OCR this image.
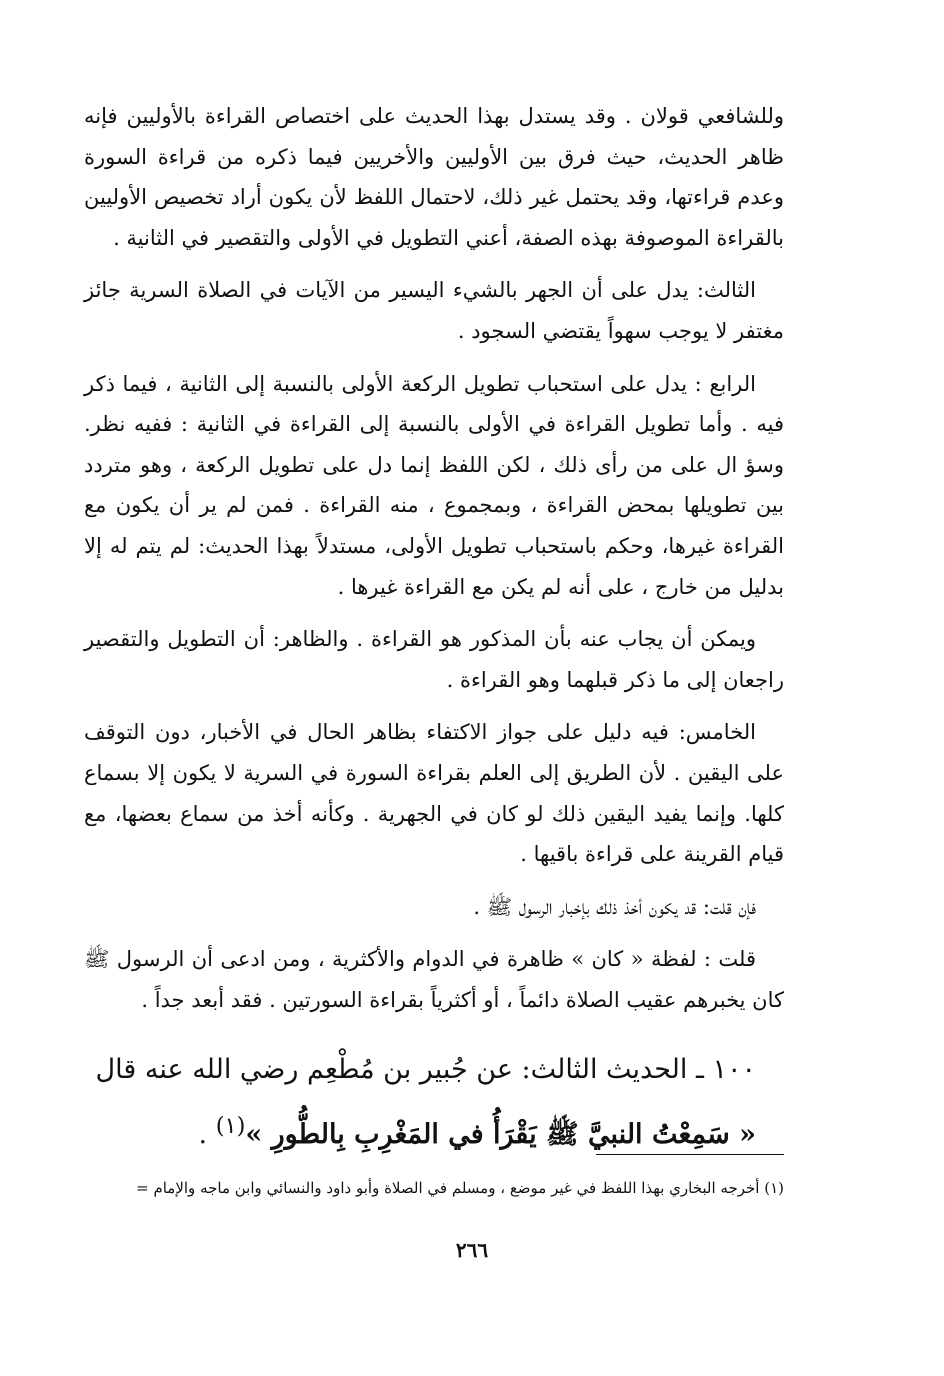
وللشافعي قولان . وقد يستدل بهذا الحديث على اختصاص القراءة بالأوليين فإنه ظاهر الحديث، حيث فرق بين الأوليين والأخريين فيما ذكره من قراءة السورة وعدم قراءتها، وقد يحتمل غير ذلك، لاحتمال اللفظ لأن يكون أراد تخصيص الأوليين بالقراءة الموصوفة بهذه الصفة، أعني التطويل في الأولى والتقصير في الثانية .

الثالث: يدل على أن الجهر بالشيء اليسير من الآيات في الصلاة السرية جائز مغتفر لا يوجب سهواً يقتضي السجود .

الرابع : يدل على استحباب تطويل الركعة الأولى بالنسبة إلى الثانية ، فيما ذكر فيه . وأما تطويل القراءة في الأولى بالنسبة إلى القراءة في الثانية : ففيه نظر. وسؤ ال على من رأى ذلك ، لكن اللفظ إنما دل على تطويل الركعة ، وهو متردد بين تطويلها بمحض القراءة ، وبمجموع ، منه القراءة . فمن لم ير أن يكون مع القراءة غيرها، وحكم باستحباب تطويل الأولى، مستدلاً بهذا الحديث: لم يتم له إلا بدليل من خارج ، على أنه لم يكن مع القراءة غيرها .

ويمكن أن يجاب عنه بأن المذكور هو القراءة . والظاهر: أن التطويل والتقصير راجعان إلى ما ذكر قبلهما وهو القراءة .

الخامس: فيه دليل على جواز الاكتفاء بظاهر الحال في الأخبار، دون التوقف على اليقين . لأن الطريق إلى العلم بقراءة السورة في السرية لا يكون إلا بسماع كلها. وإنما يفيد اليقين ذلك لو كان في الجهرية . وكأنه أخذ من سماع بعضها، مع قيام القرينة على قراءة باقيها .

فإن قلت: قد يكون أخذ ذلك بإخبار الرسول ﷺ .

قلت : لفظة « كان » ظاهرة في الدوام والأكثرية ، ومن ادعى أن الرسول ﷺ كان يخبرهم عقيب الصلاة دائماً ، أو أكثرياً بقراءة السورتين . فقد أبعد جداً .

١٠٠ ـ الحديث الثالث: عن جُبير بن مُطْعِم رضي الله عنه قال

« سَمِعْتُ النبيَّ ﷺ يَقْرَأُ في المَغْرِبِ بِالطُّورِ »$^{(١)}$ .

(١) أخرجه البخاري بهذا اللفظ في غير موضع ، ومسلم في الصلاة وأبو داود والنسائي وابن ماجه والإمام =
٢٦٦
